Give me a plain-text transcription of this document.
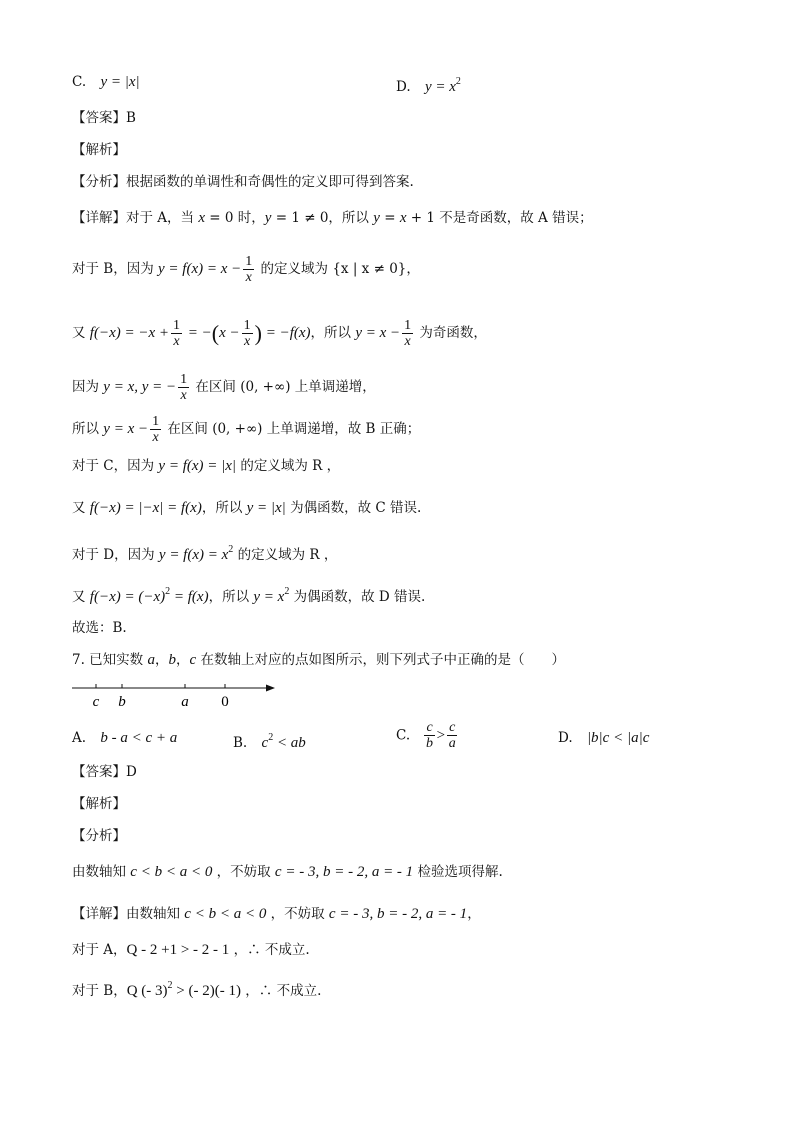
C. y = |x|	D. $y = x^2$
【答案】B
【解析】
【分析】根据函数的单调性和奇偶性的定义即可得到答案.
【详解】对于 A，当 x = 0 时，y = 1 ≠ 0，所以 y = x + 1 不是奇函数，故 A 错误；
对于 B，因为 $y = f(x) = x - \frac{1}{x}$ 的定义域为 {x | x ≠ 0}，
又 $f(-x) = -x + \frac{1}{x} = -(x - \frac{1}{x}$ ) = −f(x)，所以 $y = x - \frac{1}{x}$ 为奇函数，
因为 y = x, y = − $\frac{1}{x}$ 在区间 (0, +∞) 上单调递增，
所以 $y = x - \frac{1}{x}$ 在区间 (0, +∞) 上单调递增，故 B 正确；
对于 C，因为 y = f(x) = |x| 的定义域为 R ，
又 f(−x) = |−x| = f(x)，所以 y = |x| 为偶函数，故 C 错误.
对于 D，因为 $y = f(x) = x^2$ 的定义域为 R ，
又 $f(-x) = (-x)^2 = f(x)$，所以 $y = x^2$ 为偶函数，故 D 错误.
故选：B.
7. 已知实数 a，b，c 在数轴上对应的点如图所示，则下列式子中正确的是（　　）
c b	a 0
A. b - a < c + a	B. $c^2$ < ab	C. $\frac{c}{b} > \frac{c}{a}$	D. |b|c < |a|c
【答案】D
【解析】
【分析】
由数轴知 c < b < a < 0 ，不妨取 c = - 3, b = - 2, a = - 1 检验选项得解.
【详解】由数轴知 c < b < a < 0 ，不妨取 c = - 3, b = - 2, a = - 1，
对于 A，Q - 2 +1 > - 2 - 1 ，∴ 不成立.
对于 B，Q (- 3)$^2$ > (- 2)(- 1) ，∴ 不成立.
